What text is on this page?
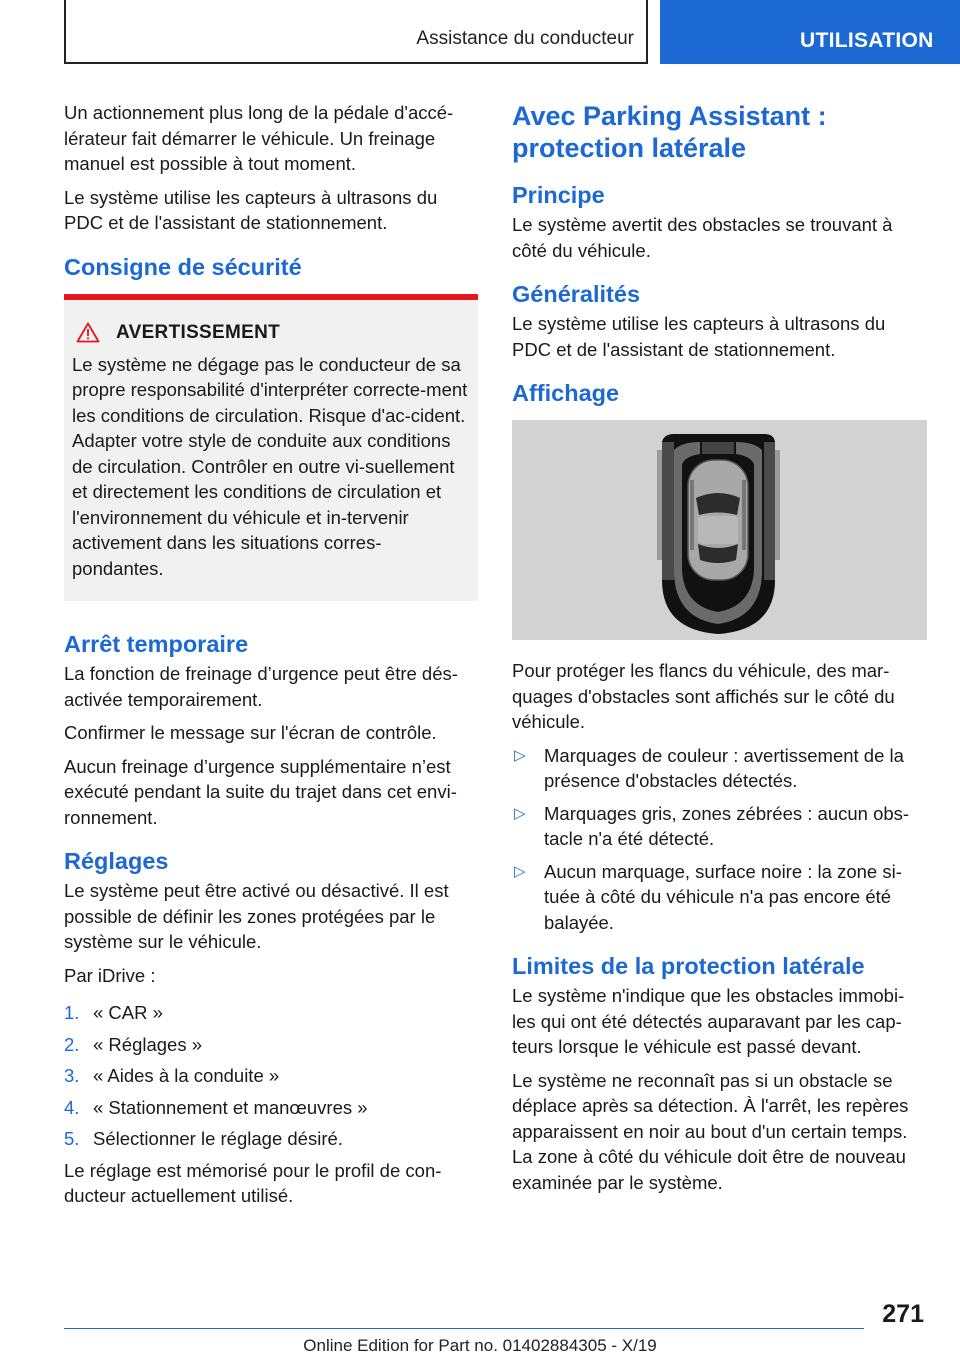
Assistance du conducteur	UTILISATION

Un actionnement plus long de la pédale d'accé-lérateur fait démarrer le véhicule. Un freinage manuel est possible à tout moment.

Le système utilise les capteurs à ultrasons du PDC et de l'assistant de stationnement.

Consigne de sécurité
AVERTISSEMENT

Le système ne dégage pas le conducteur de sa propre responsabilité d'interpréter correcte-ment les conditions de circulation. Risque d'ac-cident. Adapter votre style de conduite aux conditions de circulation. Contrôler en outre vi-suellement et directement les conditions de circulation et l'environnement du véhicule et in-tervenir activement dans les situations corres-pondantes.

Arrêt temporaire

La fonction de freinage d’urgence peut être dés-activée temporairement.

Confirmer le message sur l'écran de contrôle.

Aucun freinage d’urgence supplémentaire n’est exécuté pendant la suite du trajet dans cet envi-ronnement.

Réglages

Le système peut être activé ou désactivé. Il est possible de définir les zones protégées par le système sur le véhicule.

Par iDrive :

1. « CAR »
2. « Réglages »
3. « Aides à la conduite »
4. « Stationnement et manœuvres »
5. Sélectionner le réglage désiré.

Le réglage est mémorisé pour le profil de con-ducteur actuellement utilisé.

Avec Parking Assistant : protection latérale
Principe

Le système avertit des obstacles se trouvant à côté du véhicule.

Généralités

Le système utilise les capteurs à ultrasons du PDC et de l'assistant de stationnement.

Affichage

Pour protéger les flancs du véhicule, des mar-quages d'obstacles sont affichés sur le côté du véhicule.

▷ Marquages de couleur : avertissement de la présence d'obstacles détectés.
▷ Marquages gris, zones zébrées : aucun obs-tacle n'a été détecté.
▷ Aucun marquage, surface noire : la zone si-tuée à côté du véhicule n'a pas encore été balayée.
Limites de la protection latérale

Le système n'indique que les obstacles immobi-les qui ont été détectés auparavant par les cap-teurs lorsque le véhicule est passé devant.

Le système ne reconnaît pas si un obstacle se déplace après sa détection. À l'arrêt, les repères apparaissent en noir au bout d'un certain temps. La zone à côté du véhicule doit être de nouveau examinée par le système.

271
Online Edition for Part no. 01402884305 - X/19
